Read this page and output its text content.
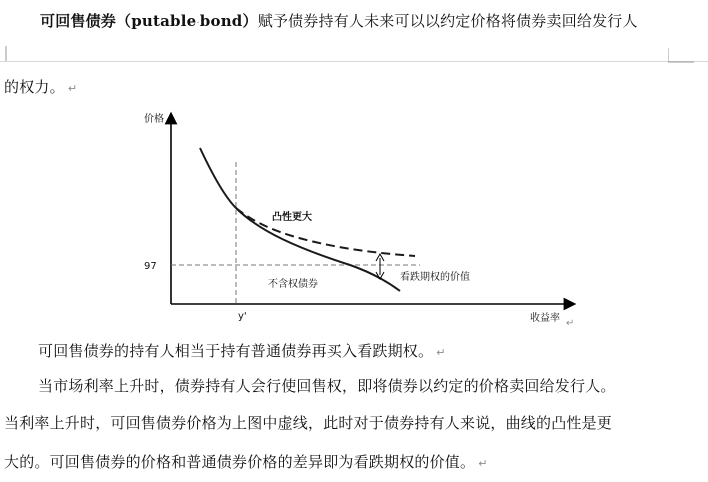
可回售债券（putable·bond）赋予债券持有人未来可以以约定价格将债券卖回给发行人
的权力。 ↵
价格
97
y'	收益率
凸性更大
不含权债券
看跌期权的价值
↵
可回售债券的持有人相当于持有普通债券再买入看跌期权。 ↵
当市场利率上升时，债券持有人会行使回售权，即将债券以约定的价格卖回给发行人。
当利率上升时，可回售债券价格为上图中虚线，此时对于债券持有人来说，曲线的凸性是更
大的。可回售债券的价格和普通债券价格的差异即为看跌期权的价值。 ↵
